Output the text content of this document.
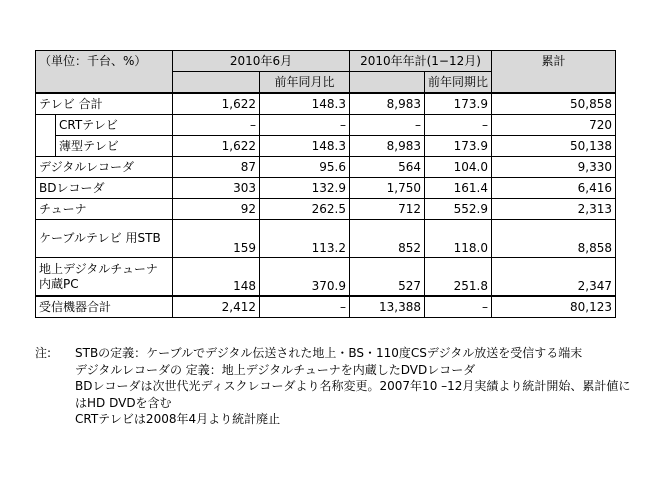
（単位：千台、%）		2010年6月		2010年年計(1−12月)		累計
			前年同月比		前年同期比	
テレビ 合計		1,622	148.3	8,983	173.9	50,858
	CRTテレビ	–	–	–	–	720
	薄型テレビ	1,622	148.3	8,983	173.9	50,138
デジタルレコーダ		87	95.6	564	104.0	9,330
BDレコーダ		303	132.9	1,750	161.4	6,416
チューナ		92	262.5	712	552.9	2,313
ケーブルテレビ 用STB		159	113.2	852	118.0	8,858
地上デジタルチューナ内蔵PC		148	370.9	527	251.8	2,347
受信機器合計		2,412	–	13,388	–	80,123
注:	STBの定義：ケーブルでデジタル伝送された地上・BS・110度CSデジタル放送を受信する端末
デジタルレコーダの 定義：地上デジタルチューナを内蔵したDVDレコーダ
BDレコーダは次世代光ディスクレコーダより名称変更。2007年10 –12月実績より統計開始、累計値にはHD DVDを含む
CRTテレビは2008年4月より統計廃止
